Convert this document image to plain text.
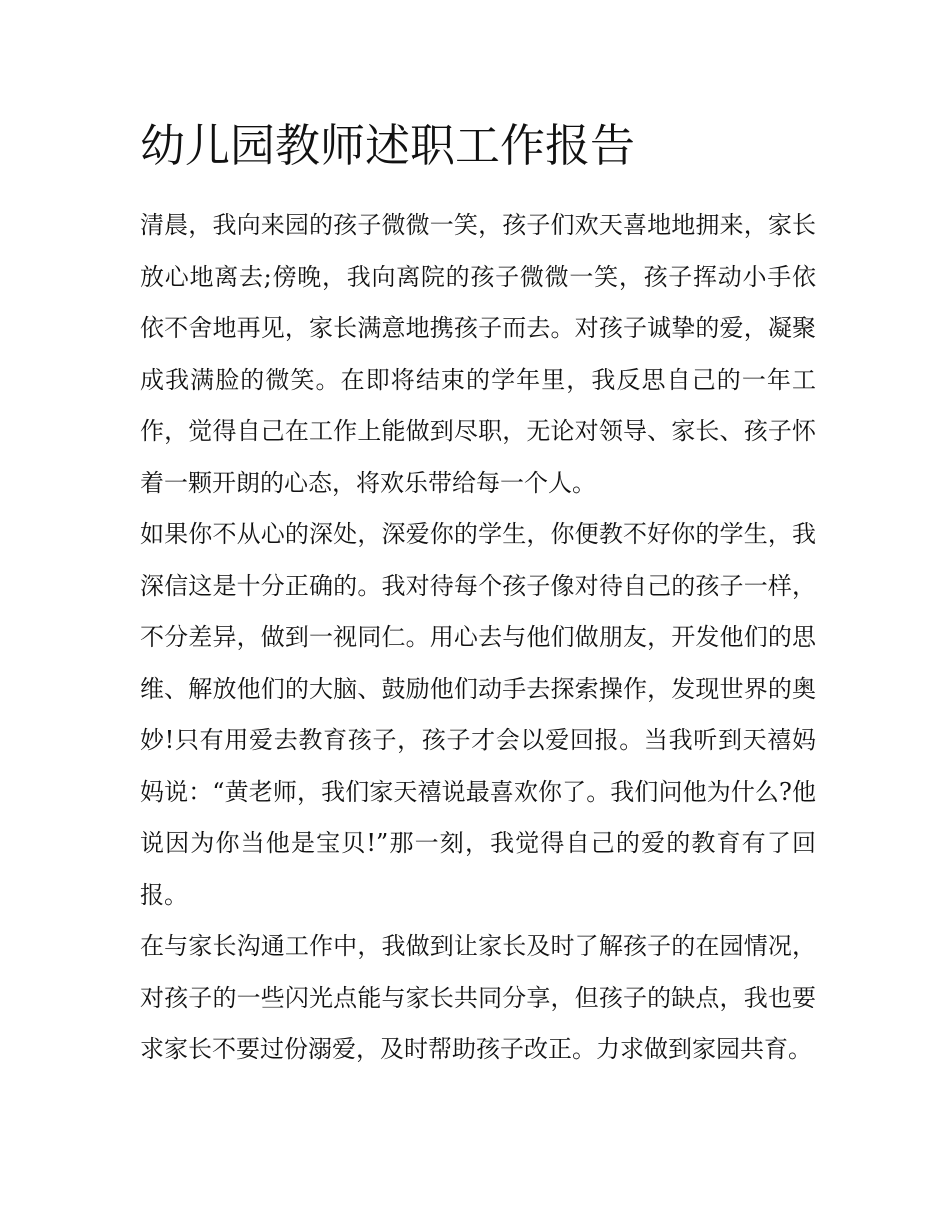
幼儿园教师述职工作报告

清晨，我向来园的孩子微微一笑，孩子们欢天喜地地拥来，家长放心地离去;傍晚，我向离院的孩子微微一笑，孩子挥动小手依依不舍地再见，家长满意地携孩子而去。对孩子诚挚的爱，凝聚成我满脸的微笑。在即将结束的学年里，我反思自己的一年工作，觉得自己在工作上能做到尽职，无论对领导、家长、孩子怀着一颗开朗的心态，将欢乐带给每一个人。

如果你不从心的深处，深爱你的学生，你便教不好你的学生，我深信这是十分正确的。我对待每个孩子像对待自己的孩子一样，不分差异，做到一视同仁。用心去与他们做朋友，开发他们的思维、解放他们的大脑、鼓励他们动手去探索操作，发现世界的奥妙!只有用爱去教育孩子，孩子才会以爱回报。当我听到天禧妈妈说：“黄老师，我们家天禧说最喜欢你了。我们问他为什么?他说因为你当他是宝贝!”那一刻，我觉得自己的爱的教育有了回报。

在与家长沟通工作中，我做到让家长及时了解孩子的在园情况，对孩子的一些闪光点能与家长共同分享，但孩子的缺点，我也要求家长不要过份溺爱，及时帮助孩子改正。力求做到家园共育。
